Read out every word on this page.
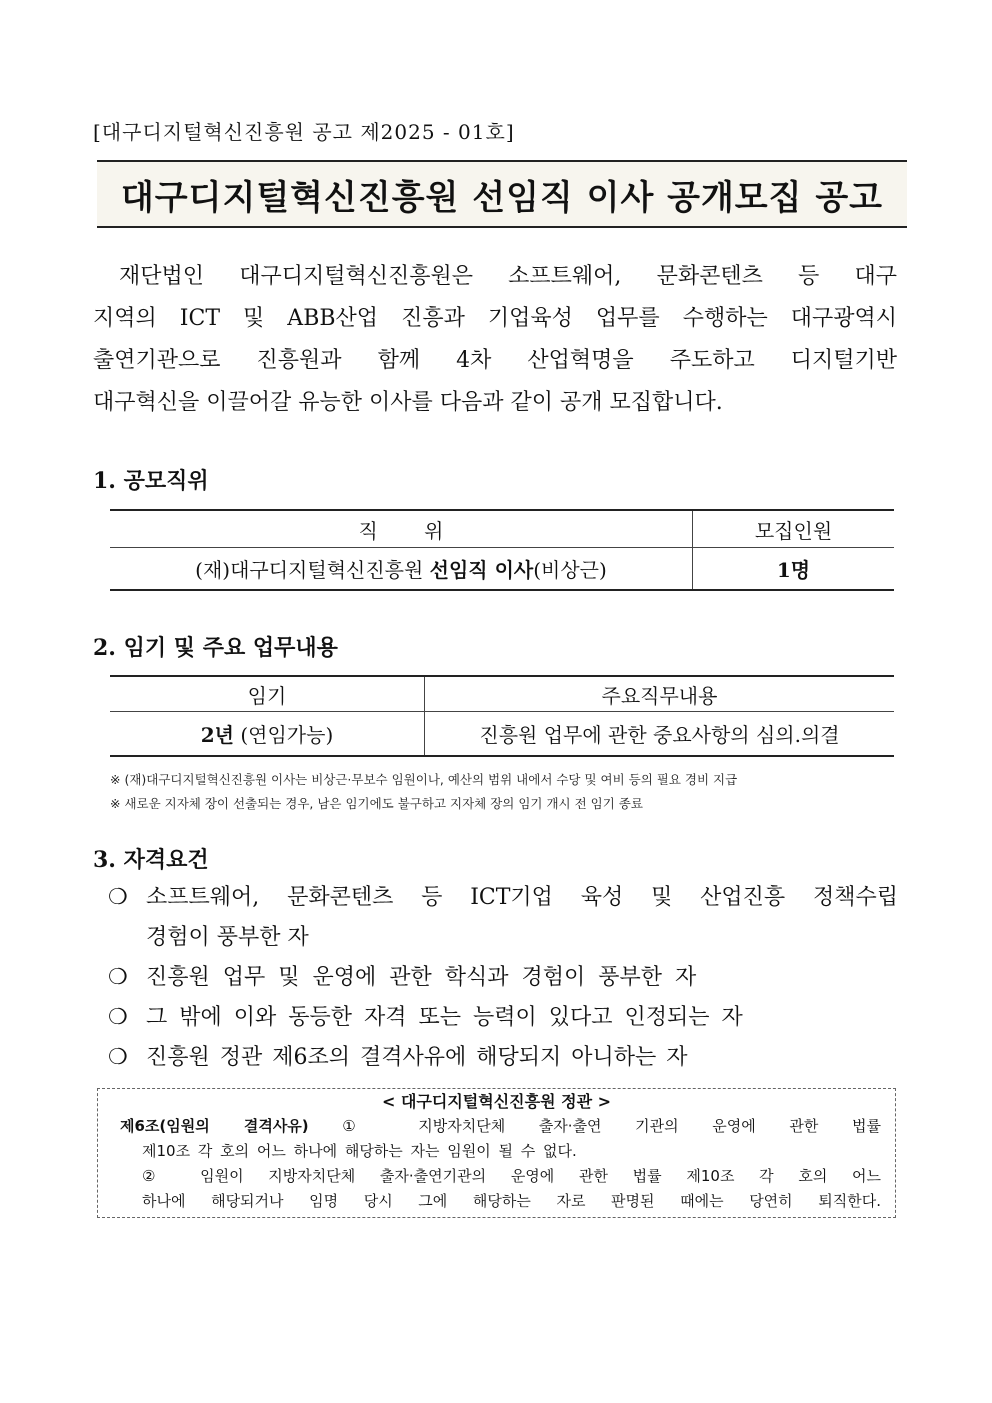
[대구디지털혁신진흥원 공고 제2025 - 01호]
대구디지털혁신진흥원 선임직 이사 공개모집 공고
재단법인 대구디지털혁신진흥원은 소프트웨어, 문화콘텐츠 등 대구
지역의 ICT 및 ABB산업 진흥과 기업육성 업무를 수행하는 대구광역시
출연기관으로 진흥원과 함께 4차 산업혁명을 주도하고 디지털기반
대구혁신을 이끌어갈 유능한 이사를 다음과 같이 공개 모집합니다.
1. 공모직위
직 위	모집인원
(재)대구디지털혁신진흥원 선임직 이사(비상근)	1명
2. 임기 및 주요 업무내용
임기	주요직무내용
2년 (연임가능)	진흥원 업무에 관한 중요사항의 심의.의결
※ (재)대구디지털혁신진흥원 이사는 비상근·무보수 임원이나, 예산의 범위 내에서 수당 및 여비 등의 필요 경비 지급
※ 새로운 지자체 장이 선출되는 경우, 남은 임기에도 불구하고 지자체 장의 임기 개시 전 임기 종료
3. 자격요건
❍ 소프트웨어, 문화콘텐츠 등 ICT기업 육성 및 산업진흥 정책수립
경험이 풍부한 자
❍ 진흥원 업무 및 운영에 관한 학식과 경험이 풍부한 자
❍ 그 밖에 이와 동등한 자격 또는 능력이 있다고 인정되는 자
❍ 진흥원 정관 제6조의 결격사유에 해당되지 아니하는 자
< 대구디지털혁신진흥원 정관 >
제6조(임원의 결격사유) ① 지방자치단체 출자·출연 기관의 운영에 관한 법률
제10조 각 호의 어느 하나에 해당하는 자는 임원이 될 수 없다.
② 임원이 지방자치단체 출자·출연기관의 운영에 관한 법률 제10조 각 호의 어느
하나에 해당되거나 임명 당시 그에 해당하는 자로 판명된 때에는 당연히 퇴직한다.
